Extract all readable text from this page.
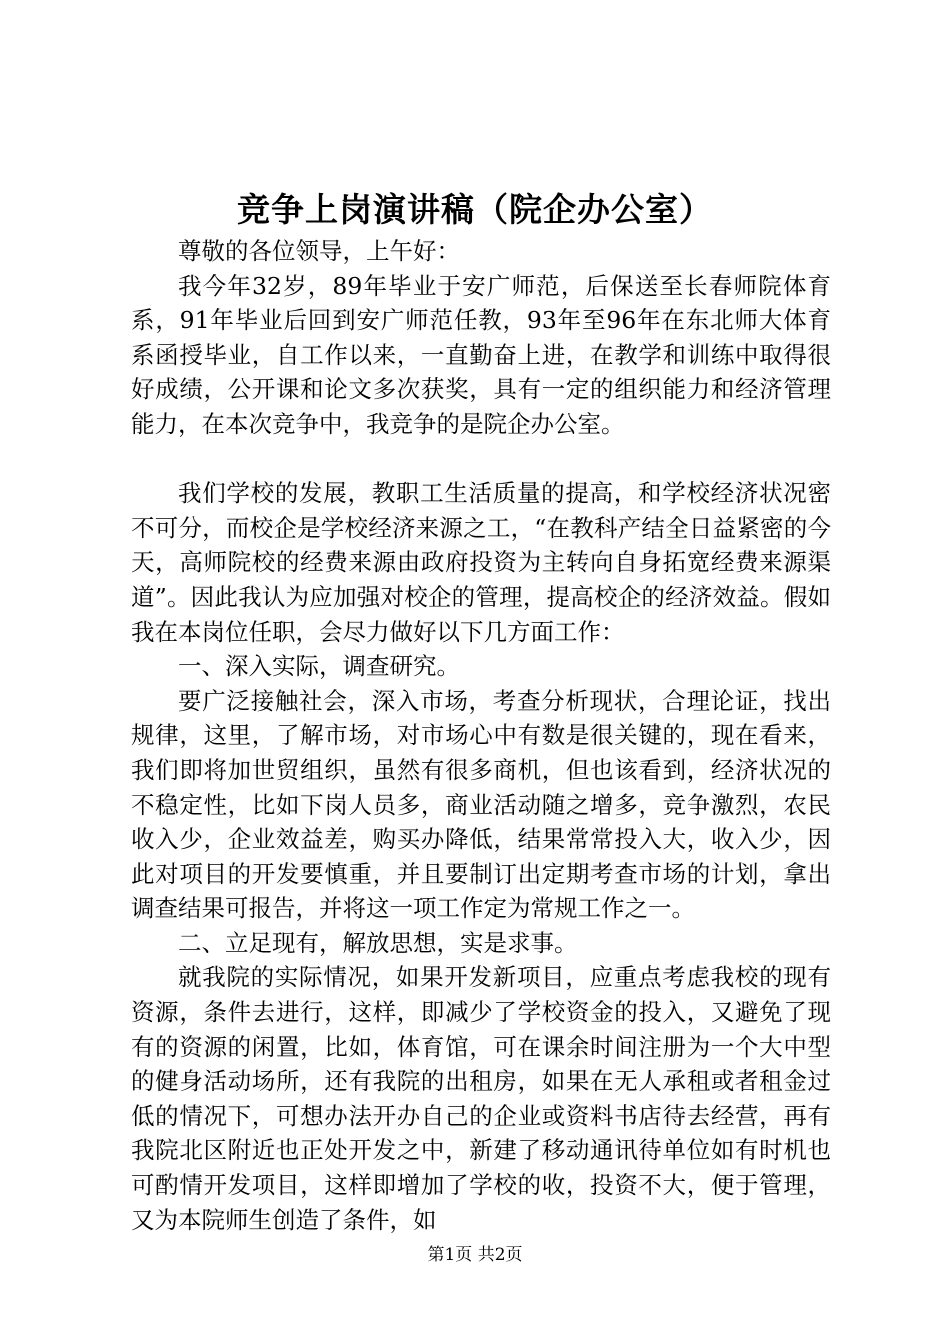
竞争上岗演讲稿（院企办公室）

尊敬的各位领导，上午好：

我今年32岁，89年毕业于安广师范，后保送至长春师院体育系，91年毕业后回到安广师范任教，93年至96年在东北师大体育系函授毕业，自工作以来，一直勤奋上进，在教学和训练中取得很好成绩，公开课和论文多次获奖，具有一定的组织能力和经济管理能力，在本次竞争中，我竞争的是院企办公室。

我们学校的发展，教职工生活质量的提高，和学校经济状况密不可分，而校企是学校经济来源之工，“在教科产结全日益紧密的今天，高师院校的经费来源由政府投资为主转向自身拓宽经费来源渠道”。因此我认为应加强对校企的管理，提高校企的经济效益。假如我在本岗位任职，会尽力做好以下几方面工作：

一、深入实际，调查研究。

要广泛接触社会，深入市场，考查分析现状，合理论证，找出规律，这里，了解市场，对市场心中有数是很关键的，现在看来，我们即将加世贸组织，虽然有很多商机，但也该看到，经济状况的不稳定性，比如下岗人员多，商业活动随之增多，竞争激烈，农民收入少，企业效益差，购买办降低，结果常常投入大，收入少，因此对项目的开发要慎重，并且要制订出定期考查市场的计划，拿出调查结果可报告，并将这一项工作定为常规工作之一。

二、立足现有，解放思想，实是求事。

就我院的实际情况，如果开发新项目，应重点考虑我校的现有资源，条件去进行，这样，即减少了学校资金的投入，又避免了现有的资源的闲置，比如，体育馆，可在课余时间注册为一个大中型的健身活动场所，还有我院的出租房，如果在无人承租或者租金过低的情况下，可想办法开办自己的企业或资料书店待去经营，再有我院北区附近也正处开发之中，新建了移动通讯待单位如有时机也可酌情开发项目，这样即增加了学校的收，投资不大，便于管理，又为本院师生创造了条件，如

第1页 共2页
